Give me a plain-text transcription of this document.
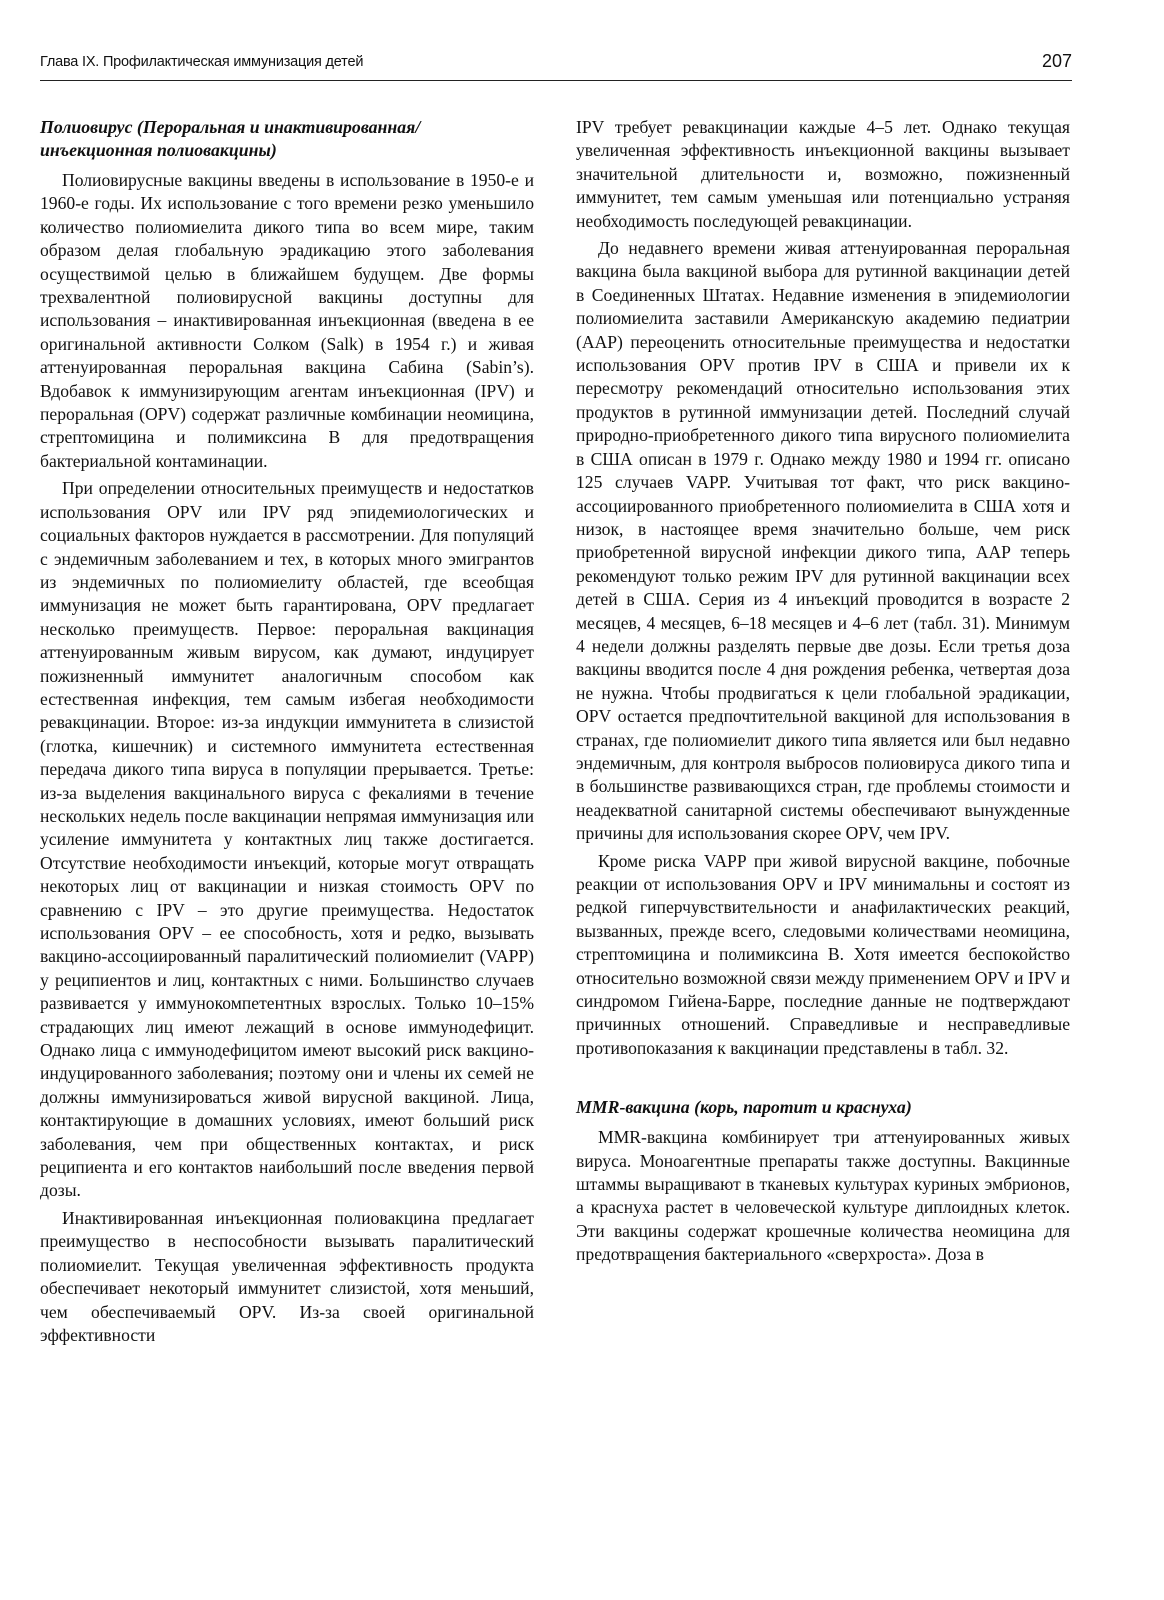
Глава IX. Профилактическая иммунизация детей	207
Полиовирус (Пероральная и инактивированная/ инъекционная полиовакцины)

Полиовирусные вакцины введены в использование в 1950-е и 1960-е годы. Их использование с того времени резко уменьшило количество полиомиелита дикого типа во всем мире, таким образом делая глобальную эрадикацию этого заболевания осуществимой целью в ближайшем будущем. Две формы трехвалентной полиовирусной вакцины доступны для использования – инактивированная инъекционная (введена в ее оригинальной активности Солком (Salk) в 1954 г.) и живая аттенуированная пероральная вакцина Сабина (Sabin’s). Вдобавок к иммунизирующим агентам инъекционная (IPV) и пероральная (OPV) содержат различные комбинации неомицина, стрептомицина и полимиксина В для предотвращения бактериальной контаминации.

При определении относительных преимуществ и недостатков использования OPV или IPV ряд эпидемиологических и социальных факторов нуждается в рассмотрении. Для популяций с эндемичным заболеванием и тех, в которых много эмигрантов из эндемичных по полиомиелиту областей, где всеобщая иммунизация не может быть гарантирована, OPV предлагает несколько преимуществ. Первое: пероральная вакцинация аттенуированным живым вирусом, как думают, индуцирует пожизненный иммунитет аналогичным способом как естественная инфекция, тем самым избегая необходимости ревакцинации. Второе: из-за индукции иммунитета в слизистой (глотка, кишечник) и системного иммунитета естественная передача дикого типа вируса в популяции прерывается. Третье: из-за выделения вакцинального вируса с фекалиями в течение нескольких недель после вакцинации непрямая иммунизация или усиление иммунитета у контактных лиц также достигается. Отсутствие необходимости инъекций, которые могут отвращать некоторых лиц от вакцинации и низкая стоимость OPV по сравнению с IPV – это другие преимущества. Недостаток использования OPV – ее способность, хотя и редко, вызывать вакцино-ассоциированный паралитический полиомиелит (VAPP) у реципиентов и лиц, контактных с ними. Большинство случаев развивается у иммунокомпетентных взрослых. Только 10–15% страдающих лиц имеют лежащий в основе иммунодефицит. Однако лица с иммунодефицитом имеют высокий риск вакцино-индуцированного заболевания; поэтому они и члены их семей не должны иммунизироваться живой вирусной вакциной. Лица, контактирующие в домашних условиях, имеют больший риск заболевания, чем при общественных контактах, и риск реципиента и его контактов наибольший после введения первой дозы.

Инактивированная инъекционная полиовакцина предлагает преимущество в неспособности вызывать паралитический полиомиелит. Текущая увеличенная эффективность продукта обеспечивает некоторый иммунитет слизистой, хотя меньший, чем обеспечиваемый OPV. Из-за своей оригинальной эффективности

IPV требует ревакцинации каждые 4–5 лет. Однако текущая увеличенная эффективность инъекционной вакцины вызывает значительной длительности и, возможно, пожизненный иммунитет, тем самым уменьшая или потенциально устраняя необходимость последующей ревакцинации.

До недавнего времени живая аттенуированная пероральная вакцина была вакциной выбора для рутинной вакцинации детей в Соединенных Штатах. Недавние изменения в эпидемиологии полиомиелита заставили Американскую академию педиатрии (AAP) переоценить относительные преимущества и недостатки использования OPV против IPV в США и привели их к пересмотру рекомендаций относительно использования этих продуктов в рутинной иммунизации детей. Последний случай природно-приобретенного дикого типа вирусного полиомиелита в США описан в 1979 г. Однако между 1980 и 1994 гг. описано 125 случаев VAPP. Учитывая тот факт, что риск вакцино-ассоциированного приобретенного полиомиелита в США хотя и низок, в настоящее время значительно больше, чем риск приобретенной вирусной инфекции дикого типа, AAP теперь рекомендуют только режим IPV для рутинной вакцинации всех детей в США. Серия из 4 инъекций проводится в возрасте 2 месяцев, 4 месяцев, 6–18 месяцев и 4–6 лет (табл. 31). Минимум 4 недели должны разделять первые две дозы. Если третья доза вакцины вводится после 4 дня рождения ребенка, четвертая доза не нужна. Чтобы продвигаться к цели глобальной эрадикации, OPV остается предпочтительной вакциной для использования в странах, где полиомиелит дикого типа является или был недавно эндемичным, для контроля выбросов полиовируса дикого типа и в большинстве развивающихся стран, где проблемы стоимости и неадекватной санитарной системы обеспечивают вынужденные причины для использования скорее OPV, чем IPV.

Кроме риска VAPP при живой вирусной вакцине, побочные реакции от использования OPV и IPV минимальны и состоят из редкой гиперчувствительности и анафилактических реакций, вызванных, прежде всего, следовыми количествами неомицина, стрептомицина и полимиксина В. Хотя имеется беспокойство относительно возможной связи между применением OPV и IPV и синдромом Гийена-Барре, последние данные не подтверждают причинных отношений. Справедливые и несправедливые противопоказания к вакцинации представлены в табл. 32.

MMR-вакцина (корь, паротит и краснуха)

MMR-вакцина комбинирует три аттенуированных живых вируса. Моноагентные препараты также доступны. Вакцинные штаммы выращивают в тканевых культурах куриных эмбрионов, а краснуха растет в человеческой культуре диплоидных клеток. Эти вакцины содержат крошечные количества неомицина для предотвращения бактериального «сверхроста». Доза в
